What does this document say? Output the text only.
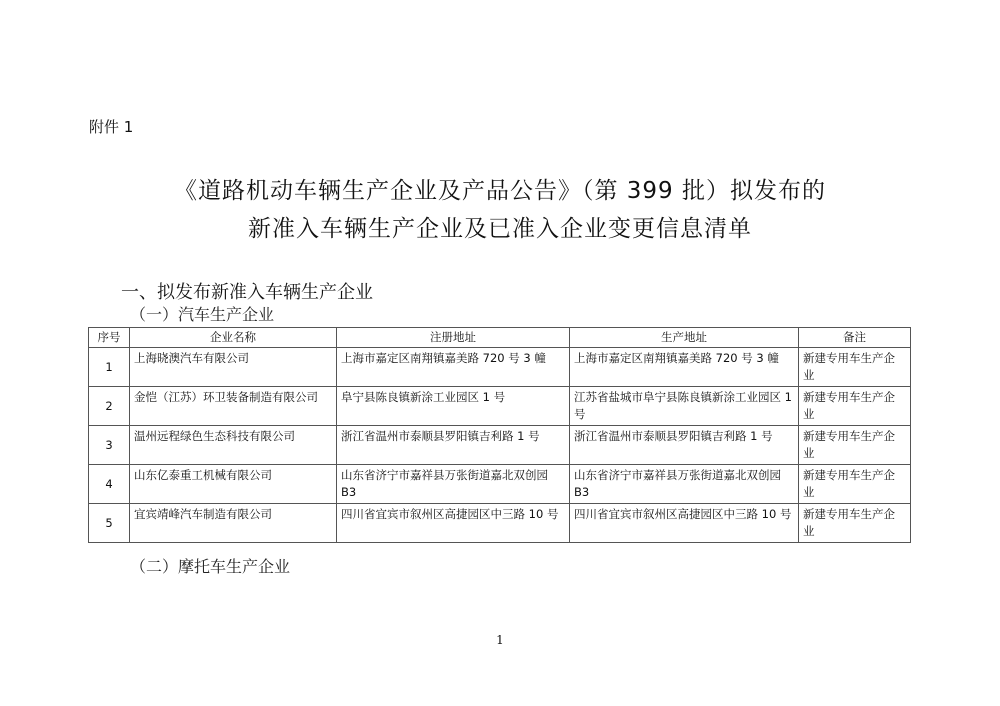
附件 1
《道路机动车辆生产企业及产品公告》（第 399 批）拟发布的
新准入车辆生产企业及已准入企业变更信息清单
一、拟发布新准入车辆生产企业
（一）汽车生产企业
序号	企业名称	注册地址	生产地址	备注
1	上海晓澳汽车有限公司	上海市嘉定区南翔镇嘉美路 720 号 3 幢	上海市嘉定区南翔镇嘉美路 720 号 3 幢	新建专用车生产企业
2	金恺（江苏）环卫装备制造有限公司	阜宁县陈良镇新涂工业园区 1 号	江苏省盐城市阜宁县陈良镇新涂工业园区 1 号	新建专用车生产企业
3	温州远程绿色生态科技有限公司	浙江省温州市泰顺县罗阳镇吉利路 1 号	浙江省温州市泰顺县罗阳镇吉利路 1 号	新建专用车生产企业
4	山东亿泰重工机械有限公司	山东省济宁市嘉祥县万张街道嘉北双创园 B3	山东省济宁市嘉祥县万张街道嘉北双创园 B3	新建专用车生产企业
5	宜宾靖峰汽车制造有限公司	四川省宜宾市叙州区高捷园区中三路 10 号	四川省宜宾市叙州区高捷园区中三路 10 号	新建专用车生产企业
（二）摩托车生产企业
1
